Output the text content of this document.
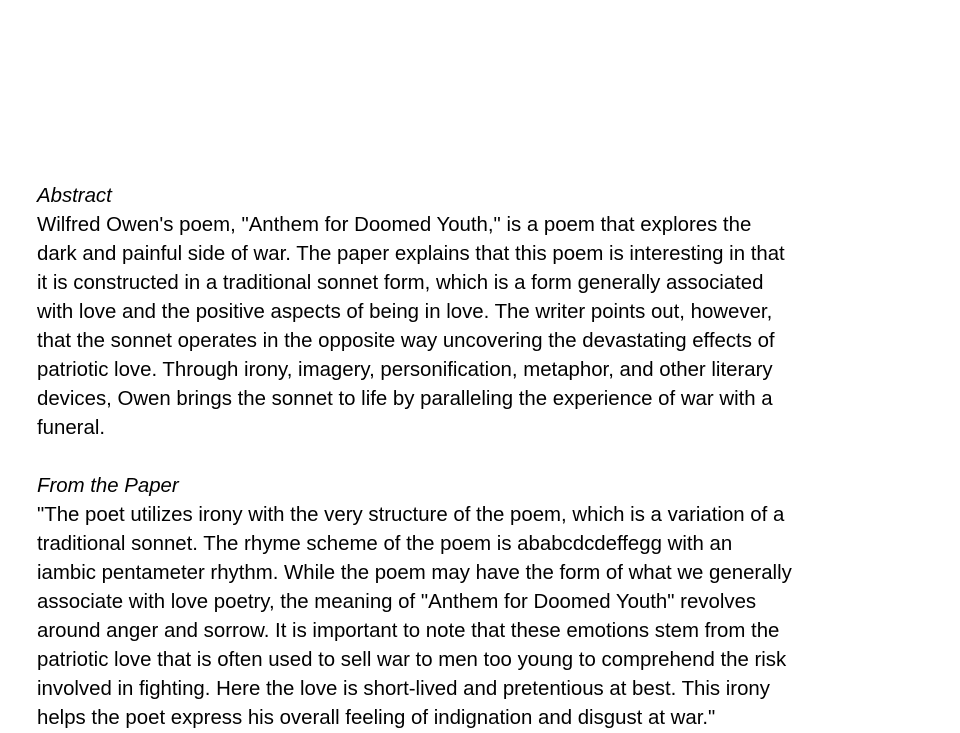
Abstract
Wilfred Owen's poem, "Anthem for Doomed Youth," is a poem that explores the
dark and painful side of war. The paper explains that this poem is interesting in that
it is constructed in a traditional sonnet form, which is a form generally associated
with love and the positive aspects of being in love. The writer points out, however,
that the sonnet operates in the opposite way uncovering the devastating effects of
patriotic love. Through irony, imagery, personification, metaphor, and other literary
devices, Owen brings the sonnet to life by paralleling the experience of war with a
funeral.
From the Paper
"The poet utilizes irony with the very structure of the poem, which is a variation of a
traditional sonnet. The rhyme scheme of the poem is ababcdcdeffegg with an
iambic pentameter rhythm. While the poem may have the form of what we generally
associate with love poetry, the meaning of "Anthem for Doomed Youth" revolves
around anger and sorrow. It is important to note that these emotions stem from the
patriotic love that is often used to sell war to men too young to comprehend the risk
involved in fighting. Here the love is short-lived and pretentious at best. This irony
helps the poet express his overall feeling of indignation and disgust at war."
